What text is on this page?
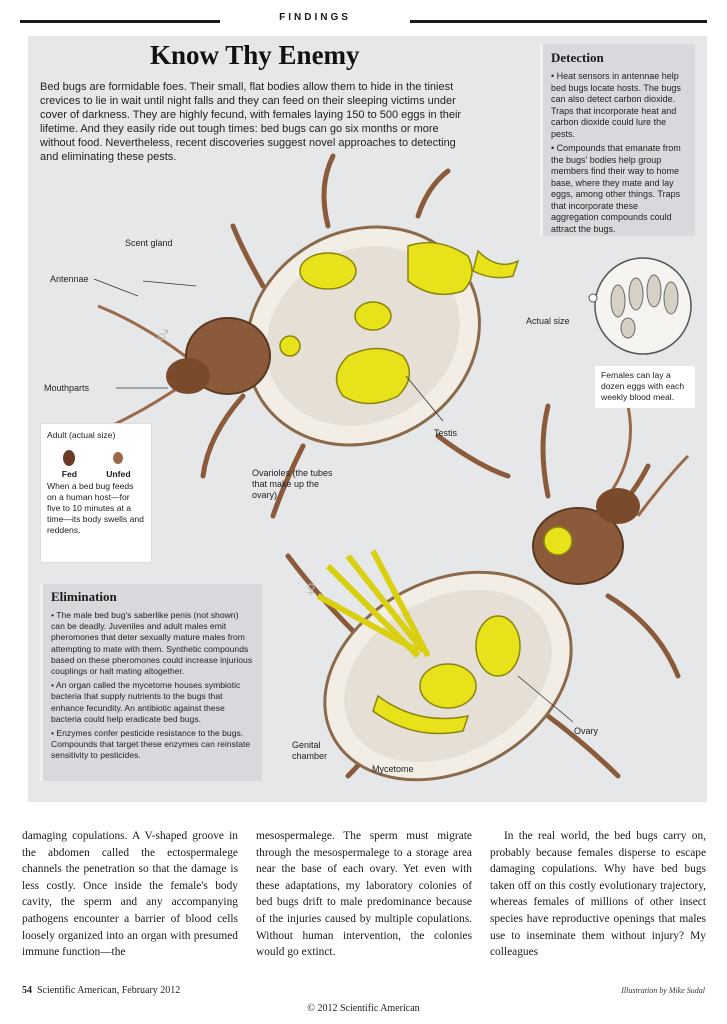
FINDINGS
Know Thy Enemy

Bed bugs are formidable foes. Their small, flat bodies allow them to hide in the tiniest crevices to lie in wait until night falls and they can feed on their sleeping victims under cover of darkness. They are highly fecund, with females laying 150 to 500 eggs in their lifetime. And they easily ride out tough times: bed bugs can go six months or more without food. Nevertheless, recent discoveries suggest novel approaches to detecting and eliminating these pests.

Detection
• Heat sensors in antennae help bed bugs locate hosts. The bugs can also detect carbon dioxide. Traps that incorporate heat and carbon dioxide could lure the pests.
• Compounds that emanate from the bugs' bodies help group members find their way to home base, where they mate and lay eggs, among other things. Traps that incorporate these aggregation compounds could attract the bugs.
Elimination
• The male bed bug's saberlike penis (not shown) can be deadly. Juveniles and adult males emit pheromones that deter sexually mature males from attempting to mate with them. Synthetic compounds based on these pheromones could increase injurious couplings or halt mating altogether.
• An organ called the mycetome houses symbiotic bacteria that supply nutrients to the bugs that enhance fecundity. An antibiotic against these bacteria could help eradicate bed bugs.
• Enzymes confer pesticide resistance to the bugs. Compounds that target these enzymes can reinstate sensitivity to pesticides.
Adult (actual size)
Fed	Unfed
When a bed bug feeds on a human host—for five to 10 minutes at a time—its body swells and reddens.
Females can lay a dozen eggs with each weekly blood meal.
Actual size
Scent gland
Antennae
Mouthparts
Testis
Ovarioles (the tubes that make up the ovary)
Ovary
Genital chamber
Mycetome
♂
♀

damaging copulations. A V-shaped groove in the abdomen called the ectospermalege channels the penetration so that the damage is less costly. Once inside the female's body cavity, the sperm and any accompanying pathogens encounter a barrier of blood cells loosely organized into an organ with presumed immune function—the

mesospermalege. The sperm must migrate through the mesospermalege to a storage area near the base of each ovary. Yet even with these adaptations, my laboratory colonies of bed bugs drift to male predominance because of the injuries caused by multiple copulations. Without human intervention, the colonies would go extinct.

In the real world, the bed bugs carry on, probably because females disperse to escape damaging copulations. Why have bed bugs taken off on this costly evolutionary trajectory, whereas females of millions of other insect species have reproductive openings that males use to inseminate them without injury? My colleagues

54 Scientific American, February 2012	Illustration by Mike Sudal
© 2012 Scientific American
